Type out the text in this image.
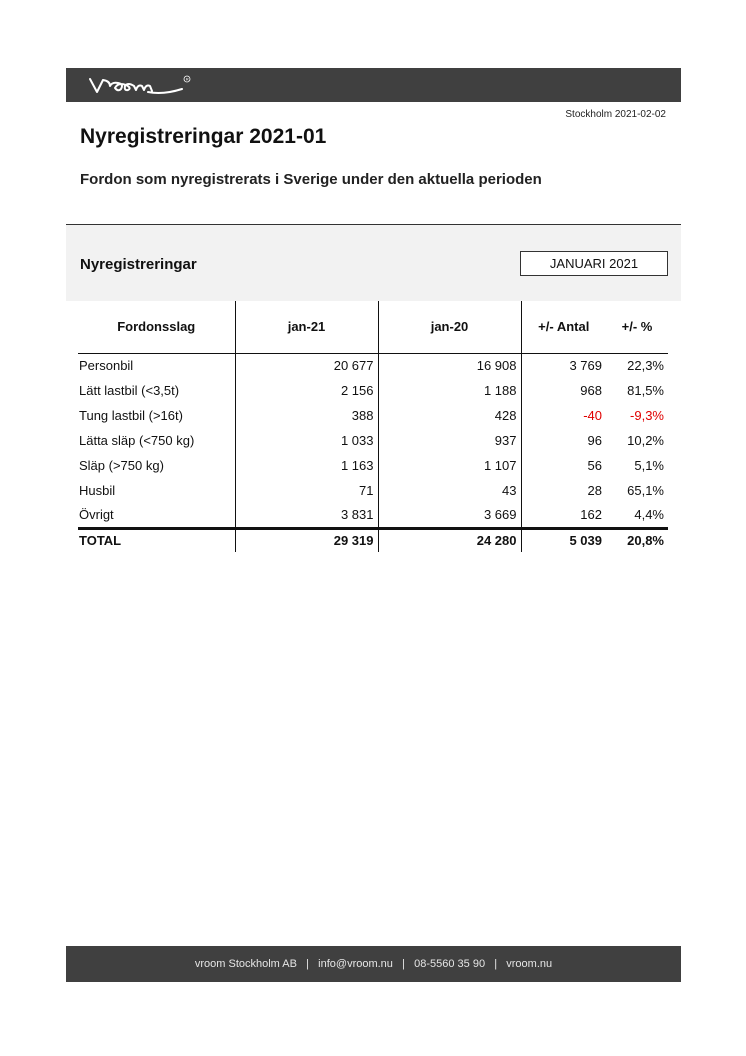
R
Stockholm 2021-02-02
Nyregistreringar 2021-01
Fordon som nyregistrerats i Sverige under den aktuella perioden
Nyregistreringar	JANUARI 2021
Fordonsslag	jan-21	jan-20	+/- Antal	+/- %
Personbil	20 677	16 908	3 769	22,3%
Lätt lastbil (<3,5t)	2 156	1 188	968	81,5%
Tung lastbil (>16t)	388	428	-40	-9,3%
Lätta släp (<750 kg)	1 033	937	96	10,2%
Släp (>750 kg)	1 163	1 107	56	5,1%
Husbil	71	43	28	65,1%
Övrigt	3 831	3 669	162	4,4%
TOTAL	29 319	24 280	5 039	20,8%
vroom Stockholm AB   |   info@vroom.nu   |   08-5560 35 90   |   vroom.nu
